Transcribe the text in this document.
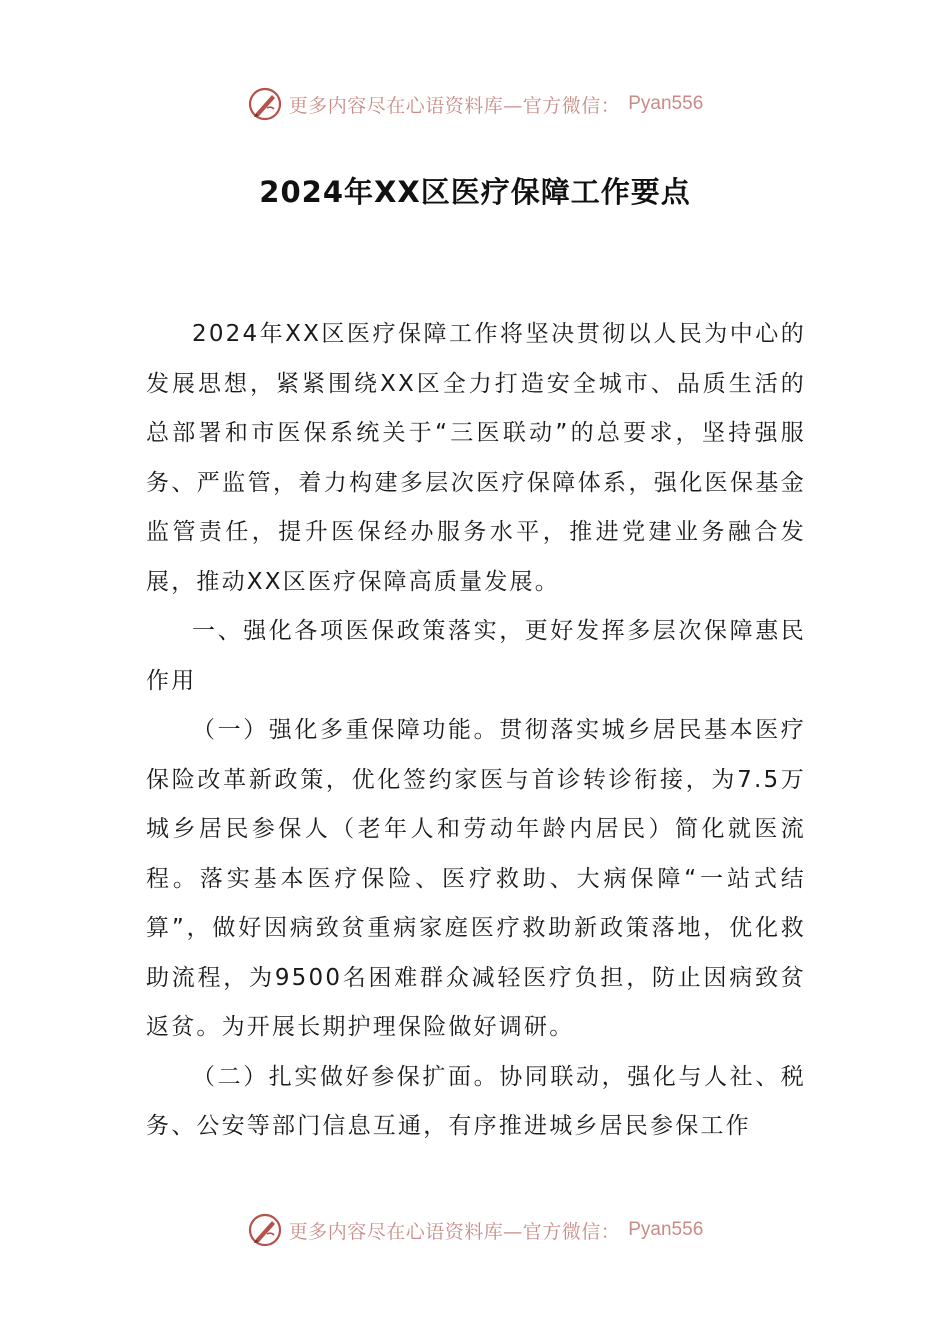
更多内容尽在心语资料库—官方微信： Pyan556
2024年XX区医疗保障工作要点

2024年XX区医疗保障工作将坚决贯彻以人民为中心的发展思想，紧紧围绕XX区全力打造安全城市、品质生活的总部署和市医保系统关于“三医联动”的总要求，坚持强服务、严监管，着力构建多层次医疗保障体系，强化医保基金监管责任，提升医保经办服务水平，推进党建业务融合发展，推动XX区医疗保障高质量发展。

一、强化各项医保政策落实，更好发挥多层次保障惠民作用

（一）强化多重保障功能。贯彻落实城乡居民基本医疗保险改革新政策，优化签约家医与首诊转诊衔接，为7.5万城乡居民参保人（老年人和劳动年龄内居民）简化就医流程。落实基本医疗保险、医疗救助、大病保障“一站式结算”，做好因病致贫重病家庭医疗救助新政策落地，优化救助流程，为9500名困难群众减轻医疗负担，防止因病致贫返贫。为开展长期护理保险做好调研。

（二）扎实做好参保扩面。协同联动，强化与人社、税务、公安等部门信息互通，有序推进城乡居民参保工作

更多内容尽在心语资料库—官方微信： Pyan556
